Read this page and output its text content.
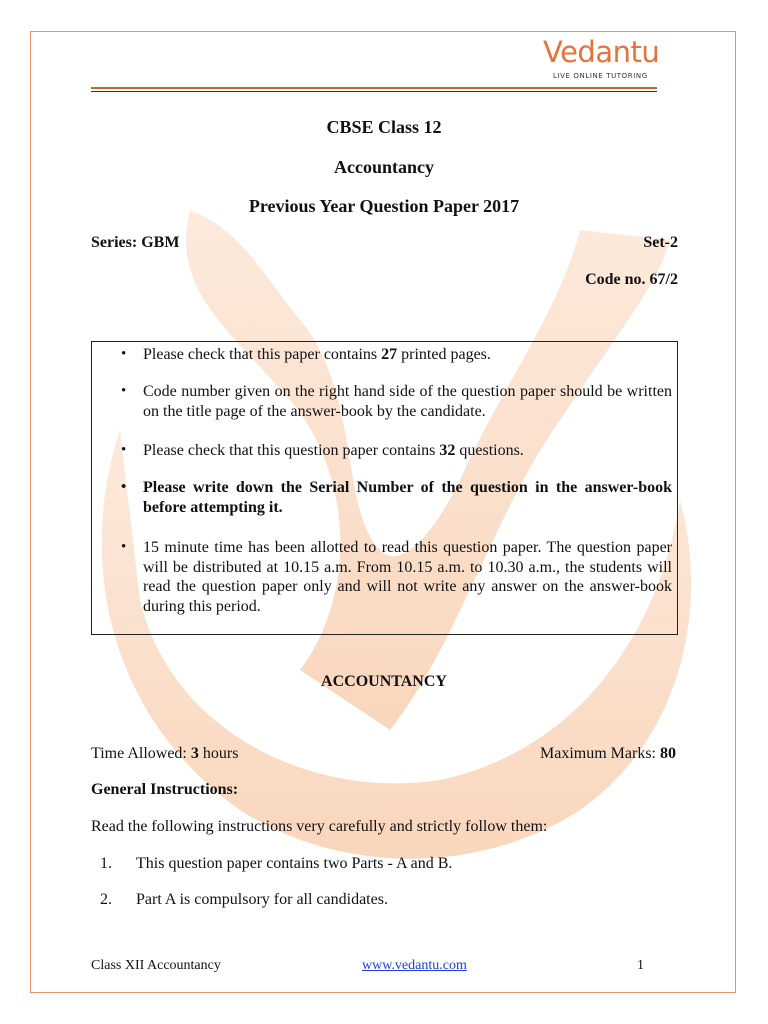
Vedantu
LIVE ONLINE TUTORING
CBSE Class 12
Accountancy
Previous Year Question Paper 2017
Series: GBM	Set-2
Code no. 67/2
• Please check that this paper contains 27 printed pages.
• Code number given on the right hand side of the question paper should be written on the title page of the answer-book by the candidate.
• Please check that this question paper contains 32 questions.
• Please write down the Serial Number of the question in the answer-book before attempting it.
• 15 minute time has been allotted to read this question paper. The question paper will be distributed at 10.15 a.m. From 10.15 a.m. to 10.30 a.m., the students will read the question paper only and will not write any answer on the answer-book during this period.
ACCOUNTANCY
Time Allowed: 3 hours	Maximum Marks: 80
General Instructions:
Read the following instructions very carefully and strictly follow them:
1. This question paper contains two Parts - A and B.
2. Part A is compulsory for all candidates.
Class XII Accountancy	www.vedantu.com	1
